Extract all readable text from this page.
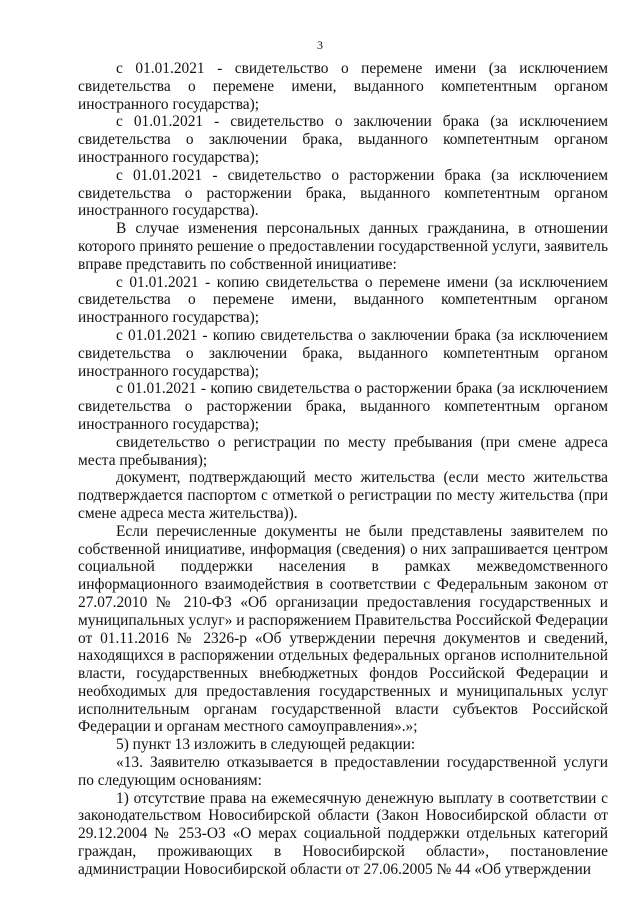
3

с 01.01.2021 - свидетельство о перемене имени (за исключением свидетельства о перемене имени, выданного компетентным органом иностранного государства);

с 01.01.2021 - свидетельство о заключении брака (за исключением свидетельства о заключении брака, выданного компетентным органом иностранного государства);

с 01.01.2021 - свидетельство о расторжении брака (за исключением свидетельства о расторжении брака, выданного компетентным органом иностранного государства).

В случае изменения персональных данных гражданина, в отношении которого принято решение о предоставлении государственной услуги, заявитель вправе представить по собственной инициативе:

с 01.01.2021 - копию свидетельства о перемене имени (за исключением свидетельства о перемене имени, выданного компетентным органом иностранного государства);

с 01.01.2021 - копию свидетельства о заключении брака (за исключением свидетельства о заключении брака, выданного компетентным органом иностранного государства);

с 01.01.2021 - копию свидетельства о расторжении брака (за исключением свидетельства о расторжении брака, выданного компетентным органом иностранного государства);

свидетельство о регистрации по месту пребывания (при смене адреса места пребывания);

документ, подтверждающий место жительства (если место жительства подтверждается паспортом с отметкой о регистрации по месту жительства (при смене адреса места жительства)).

Если перечисленные документы не были представлены заявителем по собственной инициативе, информация (сведения) о них запрашивается центром социальной поддержки населения в рамках межведомственного информационного взаимодействия в соответствии с Федеральным законом от 27.07.2010 № 210-ФЗ «Об организации предоставления государственных и муниципальных услуг» и распоряжением Правительства Российской Федерации от 01.11.2016 № 2326-р «Об утверждении перечня документов и сведений, находящихся в распоряжении отдельных федеральных органов исполнительной власти, государственных внебюджетных фондов Российской Федерации и необходимых для предоставления государственных и муниципальных услуг исполнительным органам государственной власти субъектов Российской Федерации и органам местного самоуправления».»;

5) пункт 13 изложить в следующей редакции:

«13. Заявителю отказывается в предоставлении государственной услуги по следующим основаниям:

1) отсутствие права на ежемесячную денежную выплату в соответствии с законодательством Новосибирской области (Закон Новосибирской области от 29.12.2004 № 253-ОЗ «О мерах социальной поддержки отдельных категорий граждан, проживающих в Новосибирской области», постановление администрации Новосибирской области от 27.06.2005 № 44 «Об утверждении
